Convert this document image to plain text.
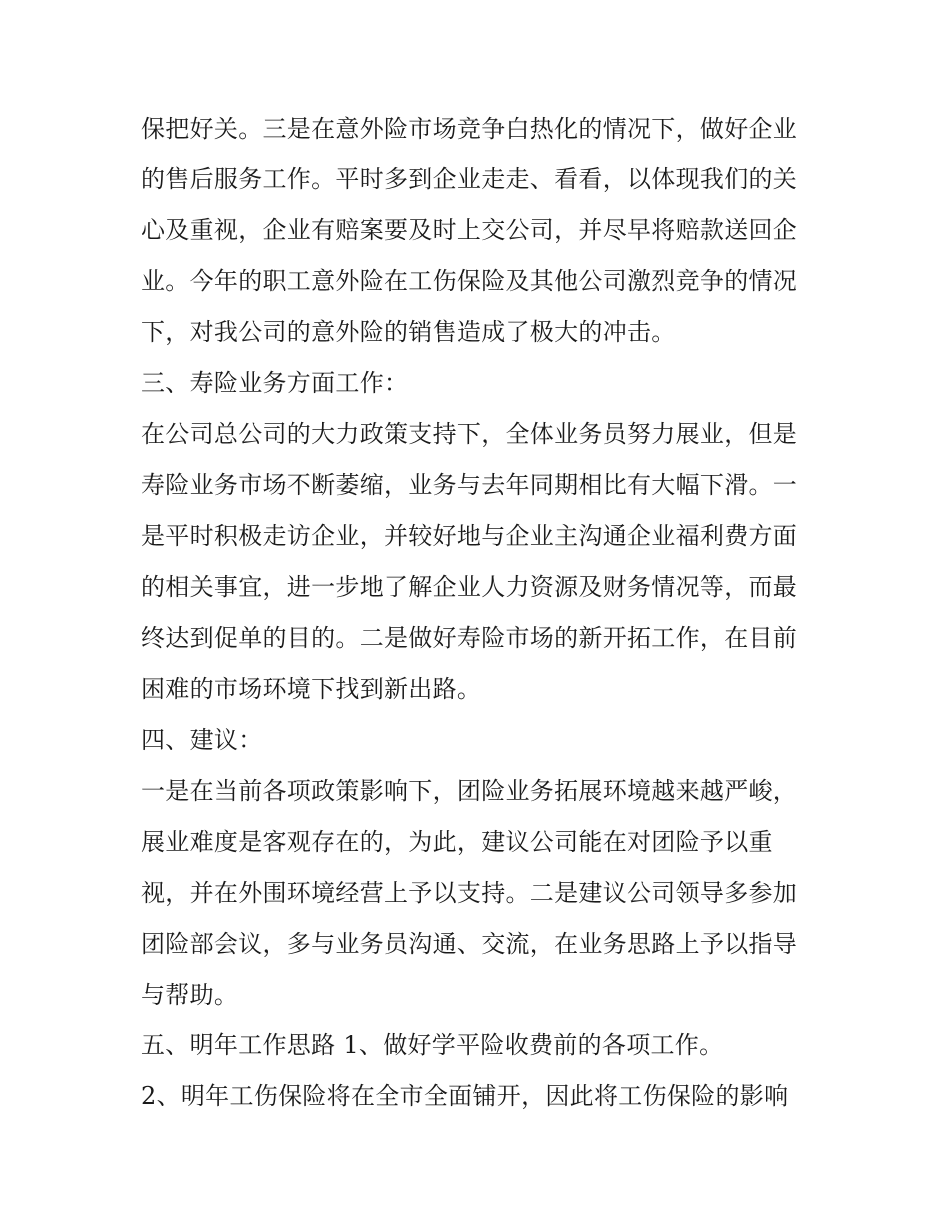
保把好关。三是在意外险市场竞争白热化的情况下，做好企业
的售后服务工作。平时多到企业走走、看看，以体现我们的关
心及重视，企业有赔案要及时上交公司，并尽早将赔款送回企
业。今年的职工意外险在工伤保险及其他公司激烈竞争的情况
下，对我公司的意外险的销售造成了极大的冲击。
三、寿险业务方面工作：
在公司总公司的大力政策支持下，全体业务员努力展业，但是
寿险业务市场不断萎缩，业务与去年同期相比有大幅下滑。一
是平时积极走访企业，并较好地与企业主沟通企业福利费方面
的相关事宜，进一步地了解企业人力资源及财务情况等，而最
终达到促单的目的。二是做好寿险市场的新开拓工作，在目前
困难的市场环境下找到新出路。
四、建议：
一是在当前各项政策影响下，团险业务拓展环境越来越严峻，
展业难度是客观存在的，为此，建议公司能在对团险予以重
视，并在外围环境经营上予以支持。二是建议公司领导多参加
团险部会议，多与业务员沟通、交流，在业务思路上予以指导
与帮助。
五、明年工作思路 1、做好学平险收费前的各项工作。
2、明年工伤保险将在全市全面铺开，因此将工伤保险的影响
